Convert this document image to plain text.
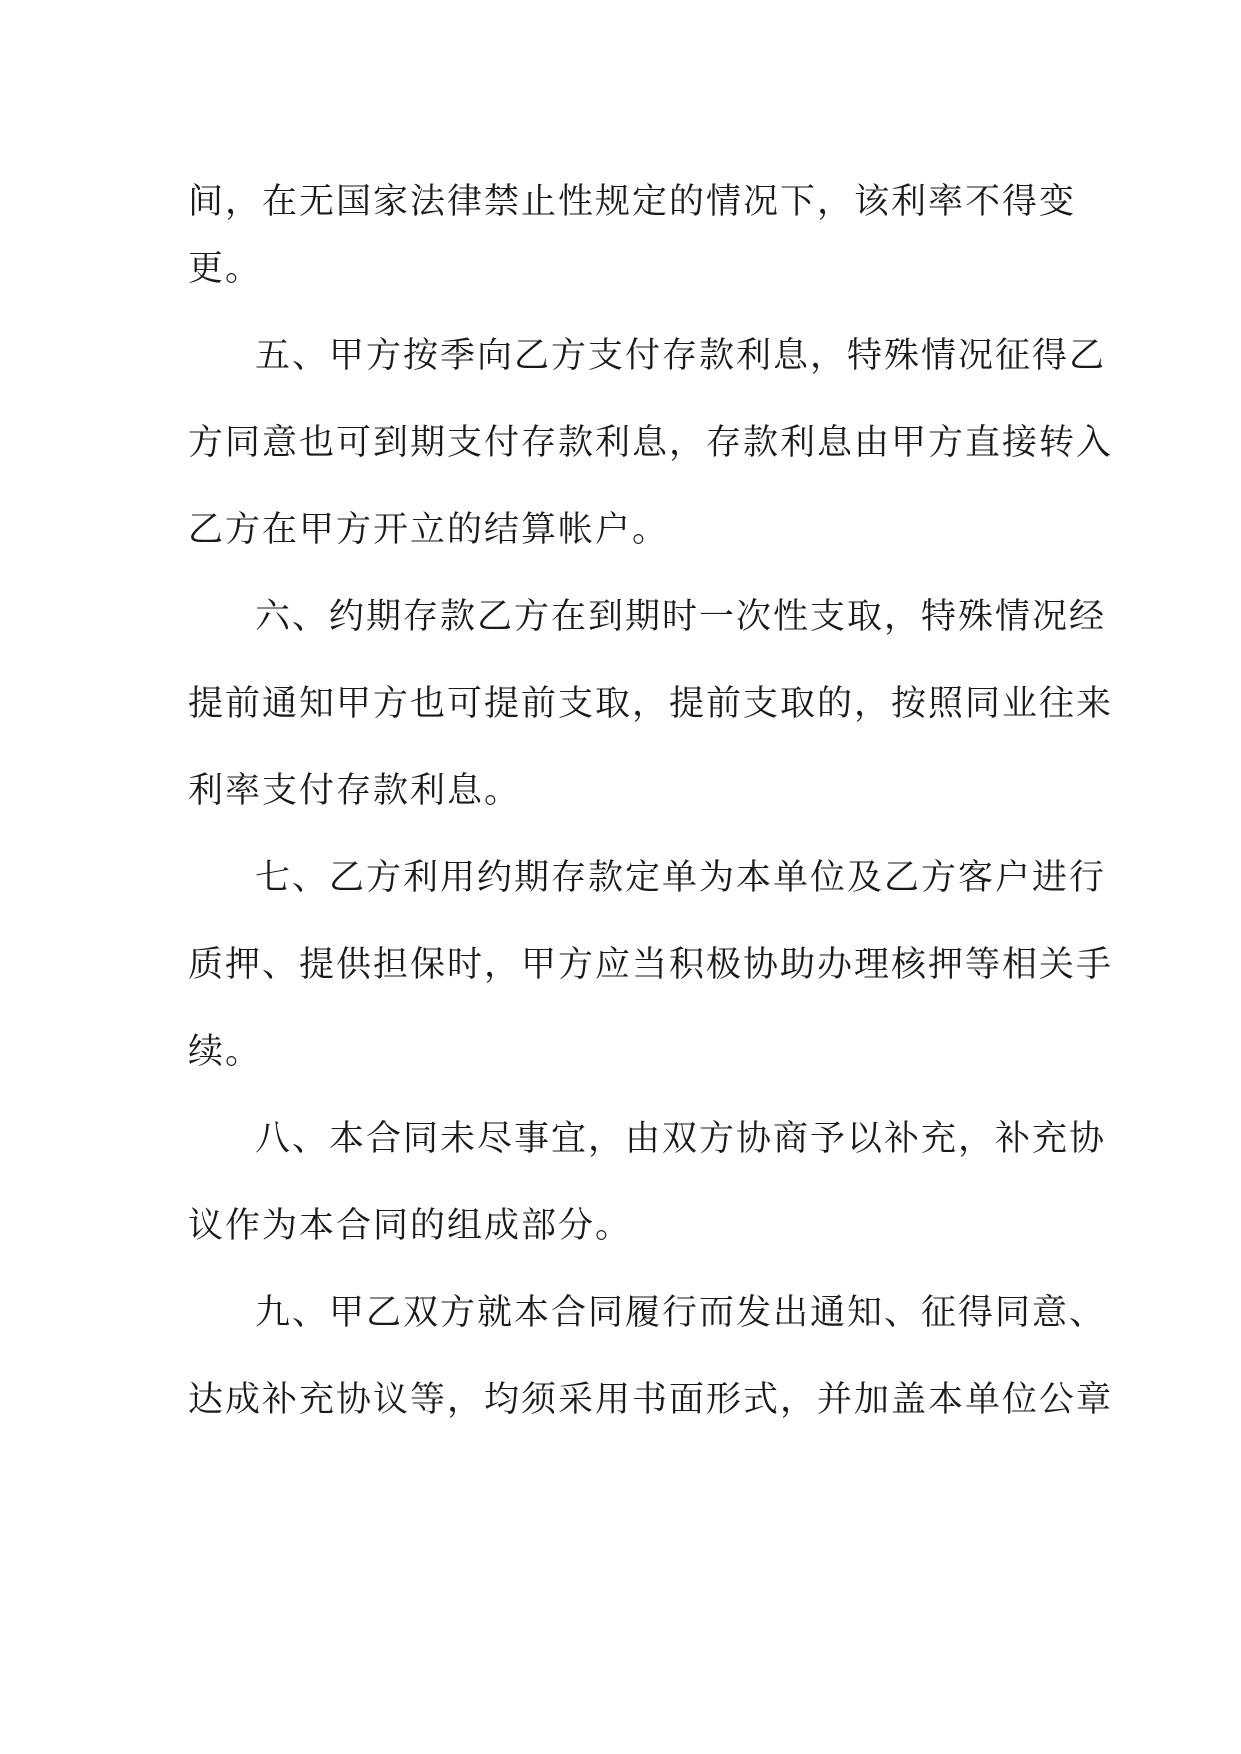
间，在无国家法律禁止性规定的情况下，该利率不得变
更。
五、甲方按季向乙方支付存款利息，特殊情况征得乙
方同意也可到期支付存款利息，存款利息由甲方直接转入
乙方在甲方开立的结算帐户。
六、约期存款乙方在到期时一次性支取，特殊情况经
提前通知甲方也可提前支取，提前支取的，按照同业往来
利率支付存款利息。
七、乙方利用约期存款定单为本单位及乙方客户进行
质押、提供担保时，甲方应当积极协助办理核押等相关手
续。
八、本合同未尽事宜，由双方协商予以补充，补充协
议作为本合同的组成部分。
九、甲乙双方就本合同履行而发出通知、征得同意、
达成补充协议等，均须采用书面形式，并加盖本单位公章
